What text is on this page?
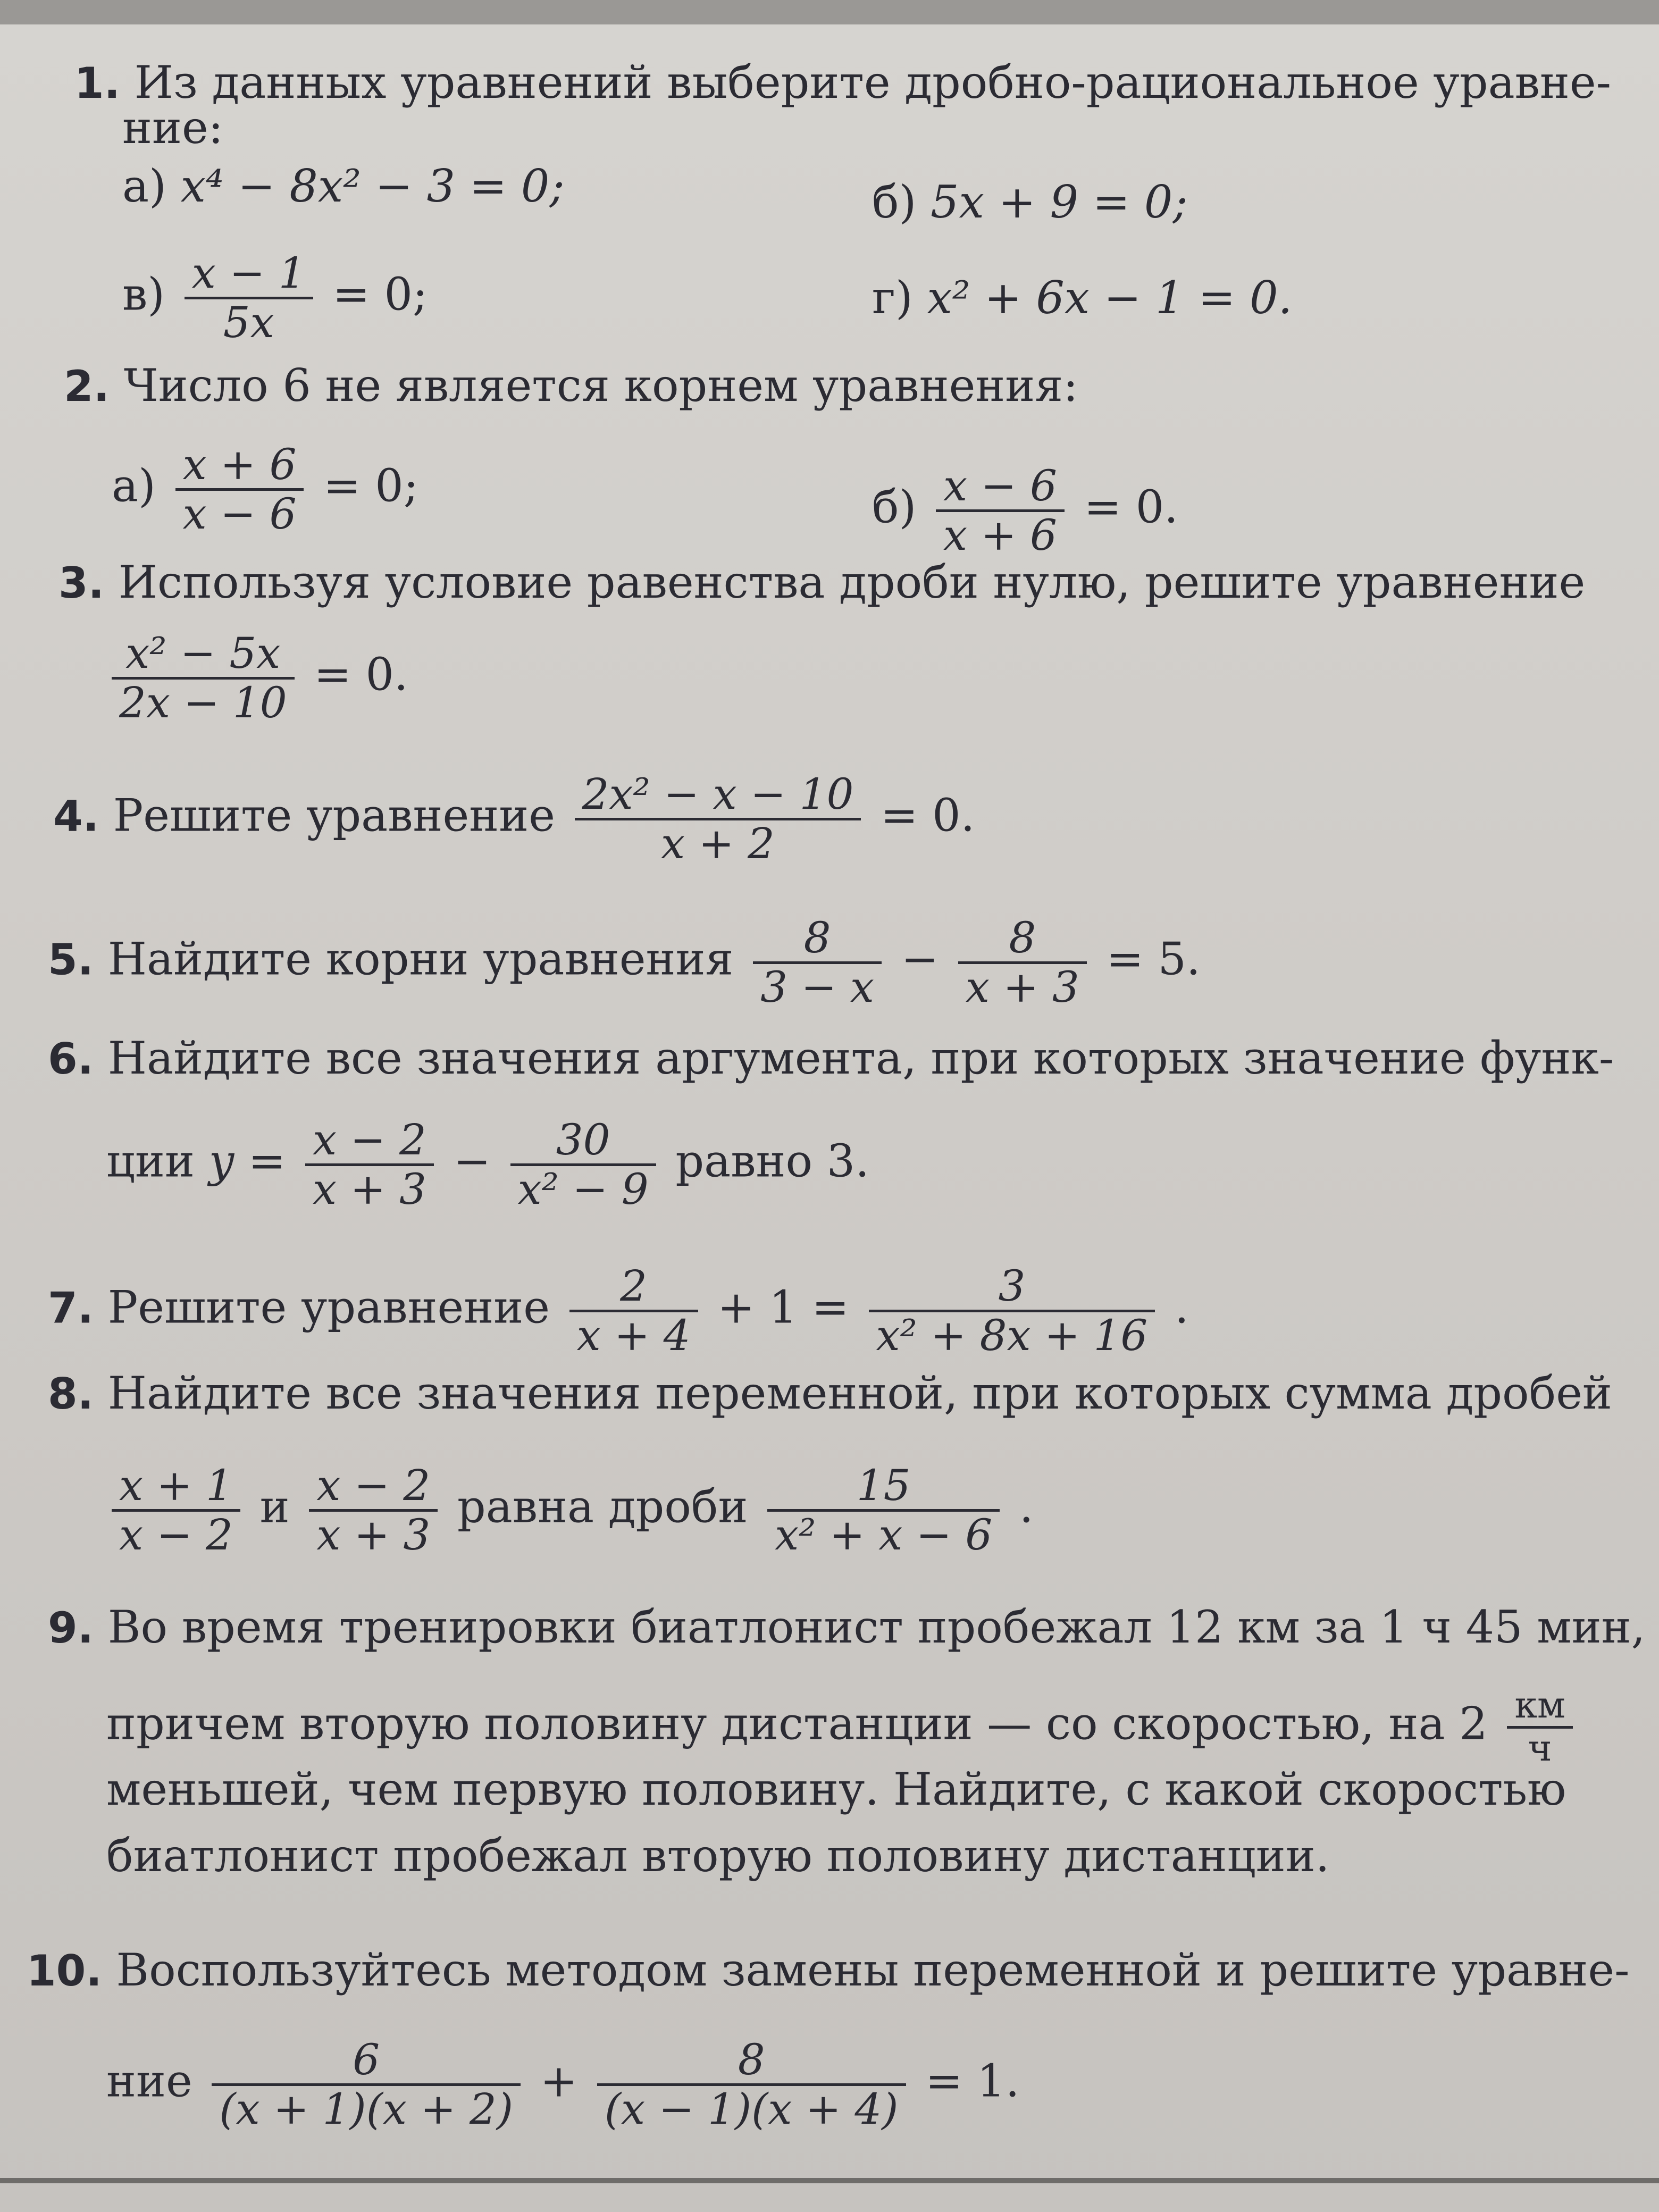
1. Из данных уравнений выберите дробно-рациональное уравне-
ние:
а) x⁴ − 8x² − 3 = 0;	б) 5x + 9 = 0;
$в) \frac{x - 1}{5x} = 0$;	г) x² + 6x − 1 = 0.
2. Число 6 не является корнем уравнения:
$а) \frac{x + 6}{x - 6} = 0$;	$б) \frac{x - 6}{x + 6} = 0$.
3. Используя условие равенства дроби нулю, решите уравнение
$\frac{\text{x² − 5x}}{2x - 10} = 0$.
4. Решите уравнение $\frac{\text{2x² − x − 10}}{x + 2} = 0$.
5. Найдите корни уравнения $\frac{8}{3 - x} - \frac{8}{x + 3} = 5$.
6. Найдите все значения аргумента, при которых значение функ-
ции $y = \frac{x - 2}{x + 3} - \frac{30}{\text{x² − 9}}$ равно 3.
7. Решите уравнение $\frac{2}{x + 4} + 1 = \frac{3}{\text{x² + 8x + 16}}$ .
8. Найдите все значения переменной, при которых сумма дробей
$\frac{x + 1}{x - 2}$ и $\frac{x - 2}{x + 3}$ равна дроби $\frac{15}{\text{x² + x − 6}}$ .
9. Во время тренировки биатлонист пробежал 12 км за 1 ч 45 мин,
причем вторую половину дистанции — со скоростью, на $2 \frac{км}{ч}$
меньшей, чем первую половину. Найдите, с какой скоростью
биатлонист пробежал вторую половину дистанции.
10. Воспользуйтесь методом замены переменной и решите уравне-
ние $\frac{6}{(x + 1)(x + 2)} + \frac{8}{(x - 1)(x + 4)} = 1$.
